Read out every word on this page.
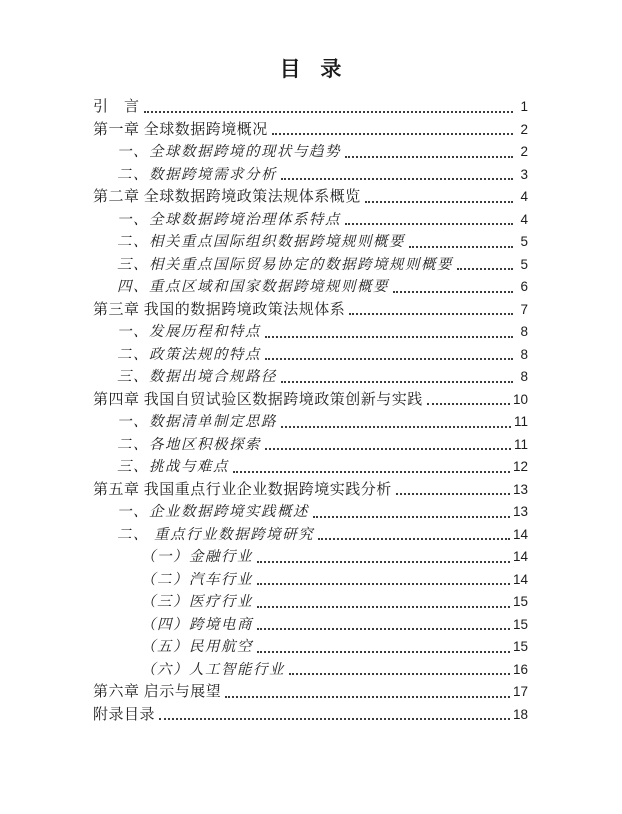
目 录
引　言	1
第一章 全球数据跨境概况	2
一、全球数据跨境的现状与趋势	2
二、数据跨境需求分析	3
第二章 全球数据跨境政策法规体系概览	4
一、全球数据跨境治理体系特点	4
二、相关重点国际组织数据跨境规则概要	5
三、相关重点国际贸易协定的数据跨境规则概要	5
四、重点区域和国家数据跨境规则概要	6
第三章 我国的数据跨境政策法规体系	7
一、发展历程和特点	8
二、政策法规的特点	8
三、数据出境合规路径	8
第四章 我国自贸试验区数据跨境政策创新与实践	10
一、数据清单制定思路	11
二、各地区积极探索	11
三、挑战与难点	12
第五章 我国重点行业企业数据跨境实践分析	13
一、企业数据跨境实践概述	13
二、 重点行业数据跨境研究	14
（一）金融行业	14
（二）汽车行业	14
（三）医疗行业	15
（四）跨境电商	15
（五）民用航空	15
（六）人工智能行业	16
第六章 启示与展望	17
附录目录	18
